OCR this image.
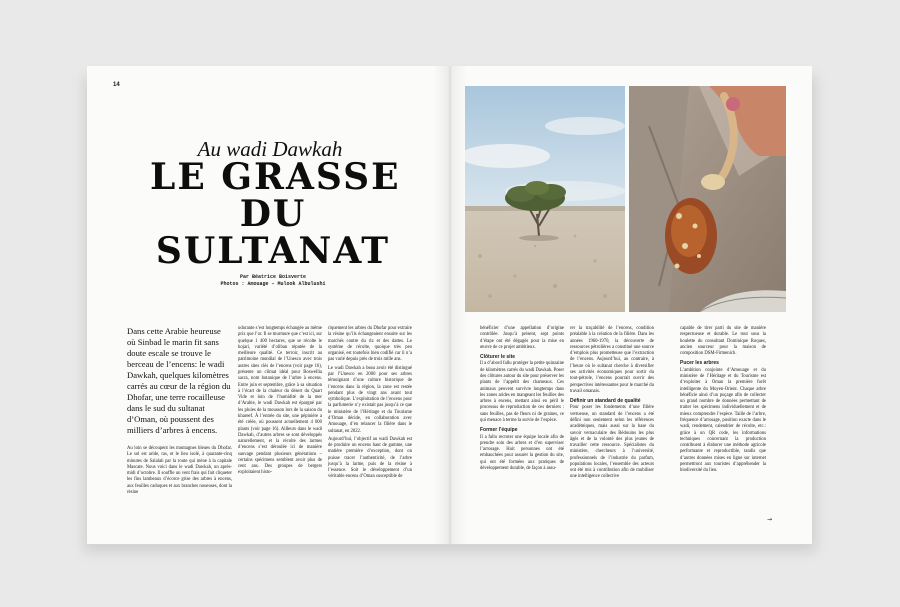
14
Au wadi Dawkah
LE GRASSE
DU
SULTANAT
Par Béatrice Boisverte
Photos : Amouage – Mulook Albulushi
Dans cette Arabie heureuse où Sinbad le marin fit sans doute escale se trouve le berceau de l’encens: le wadi Dawkah, quelques kilomètres carrés au cœur de la région du Dhofar, une terre rocailleuse dans le sud du sultanat d’Oman, où poussent des milliers d’arbres à encens.

Au loin se découpent les montagnes bleues du Dhofar. Le sol est aride, ras, et le lieu isolé, à quarante-cinq minutes de Salalah par la route qui mène à la capitale Mascate. Nous voici dans le wadi Dawkah, un après-midi d’octobre. Il souffle un vent frais qui fait cliqueter les fins lambeaux d’écorce grise des arbres à encens, aux feuilles caduques et aux branches noueuses, dont la résine

odorante s’est longtemps échangée au même prix que l’or. Il se murmure que c’est ici, sur quelque 1 400 hectares, que se récolte le hojari, variété d’oliban réputée de la meilleure qualité. Ce terroir, inscrit au patrimoine mondial de l’Unesco avec trois autres sites clés de l’encens (voir page 16), présente un climat idéal pour Boswellia sacra, nom botanique de l’arbre à encens. Entre juin et septembre, grâce à sa situation à l’écart de la chaleur du désert du Quart Vide et loin de l’humidité de la mer d’Arabie, le wadi Dawkah est épargné par les pluies de la mousson lors de la saison du khareef. À l’entrée du site, une pépinière a été créée, où poussent actuellement 4 000 plants (voir page 16). Ailleurs dans le wadi Dawkah, d’autres arbres se sont développés naturellement, et la récolte des larmes d’encens s’est déroulée ici de manière sauvage pendant plusieurs générations – certains spécimens semblent avoir plus de cent ans. Des groupes de bergers exploitaient histo-

riquement les arbres du Dhofar pour extraire la résine qu’ils échangeaient ensuite sur les marchés contre du riz et des dattes. Le système de récolte, quoique très peu organisé, est toutefois bien codifié car il n’a pas varié depuis près de trois mille ans.

Le wadi Dawkah a beau avoir été distingué par l’Unesco en 2000 pour ses arbres témoignant d’une culture historique de l’encens dans la région, la zone est restée pendant plus de vingt ans avant tout symbolique. L’exploitation de l’encens pour la parfumerie n’y existait pas jusqu’à ce que le ministère de l’Héritage et du Tourisme d’Oman décide, en collaboration avec Amouage, d’en relancer la filière dans le sultanat, en 2022.

Aujourd’hui, l’objectif au wadi Dawkah est de produire un encens haut de gamme, une matière première d’exception, dont on puisse tracer l’authenticité, de l’arbre jusqu’à la larme, puis de la résine à l’essence. Soit le développement d’un véritable encens d’Oman susceptible de

bénéficier d’une appellation d’origine contrôlée. Jusqu’à présent, sept points d’étape ont été dégagés pour la mise en œuvre de ce projet ambitieux.

Clôturer le site

Il a d’abord fallu protéger la petite quinzaine de kilomètres carrés du wadi Dawkah. Poser des clôtures autour du site pour préserver les plants de l’appétit des chameaux. Ces animaux peuvent survivre longtemps dans les zones arides en mangeant les feuilles des arbres à encens, mettant ainsi en péril le processus de reproduction de ces derniers : sans feuilles, pas de fleurs ni de graines, ce qui menace à terme la survie de l’espèce.

Former l’équipe

Il a fallu recruter une équipe locale afin de prendre soin des arbres et d’en superviser l’arrosage. Huit personnes ont été embauchées pour assurer la gestion du site, qui ont été formées aux pratiques de développement durable, de façon à assu-

rer la traçabilité de l’encens, condition préalable à la création de la filière. Dans les années 1960-1970, la découverte de ressources pétrolières a constitué une source d’emplois plus prometteuse que l’extraction de l’encens. Aujourd’hui, au contraire, à l’heure où le sultanat cherche à diversifier ses activités économiques pour sortir du tout-pétrole, l’encens pourrait ouvrir des perspectives intéressantes pour le marché du travail omanais.

Définir un standard de qualité

Pour poser les fondements d’une filière vertueuse, un standard de l’encens a été défini non seulement selon les références académiques, mais aussi sur la base du savoir vernaculaire des Bédouins les plus âgés et de la volonté des plus jeunes de travailler cette ressource. Spécialistes du ministère, chercheurs à l’université, professionnels de l’industrie du parfum, populations locales, l’ensemble des acteurs ont été mis à contribution afin de mobiliser une intelligence collective

capable de tirer parti du site de manière respectueuse et durable. Le tout sous la houlette du consultant Dominique Roques, ancien sourceur pour la maison de composition DSM-Firmenich.

Pucer les arbres

L’ambition conjointe d’Amouage et du ministère de l’Héritage et du Tourisme est d’exploiter à Oman la première forêt intelligente du Moyen-Orient. Chaque arbre bénéficie ainsi d’un puçage afin de collecter un grand nombre de données permettant de traiter les spécimens individuellement et de mieux comprendre l’espèce. Taille de l’arbre, fréquence d’arrosage, position exacte dans le wadi, rendement, calendrier de récolte, etc.: grâce à un QR code, les informations techniques concernant la production contribuent à élaborer une méthode agricole performante et reproductible, tandis que d’autres données mises en ligne sur internet permettront aux touristes d’appréhender la biodiversité du lieu.

→
